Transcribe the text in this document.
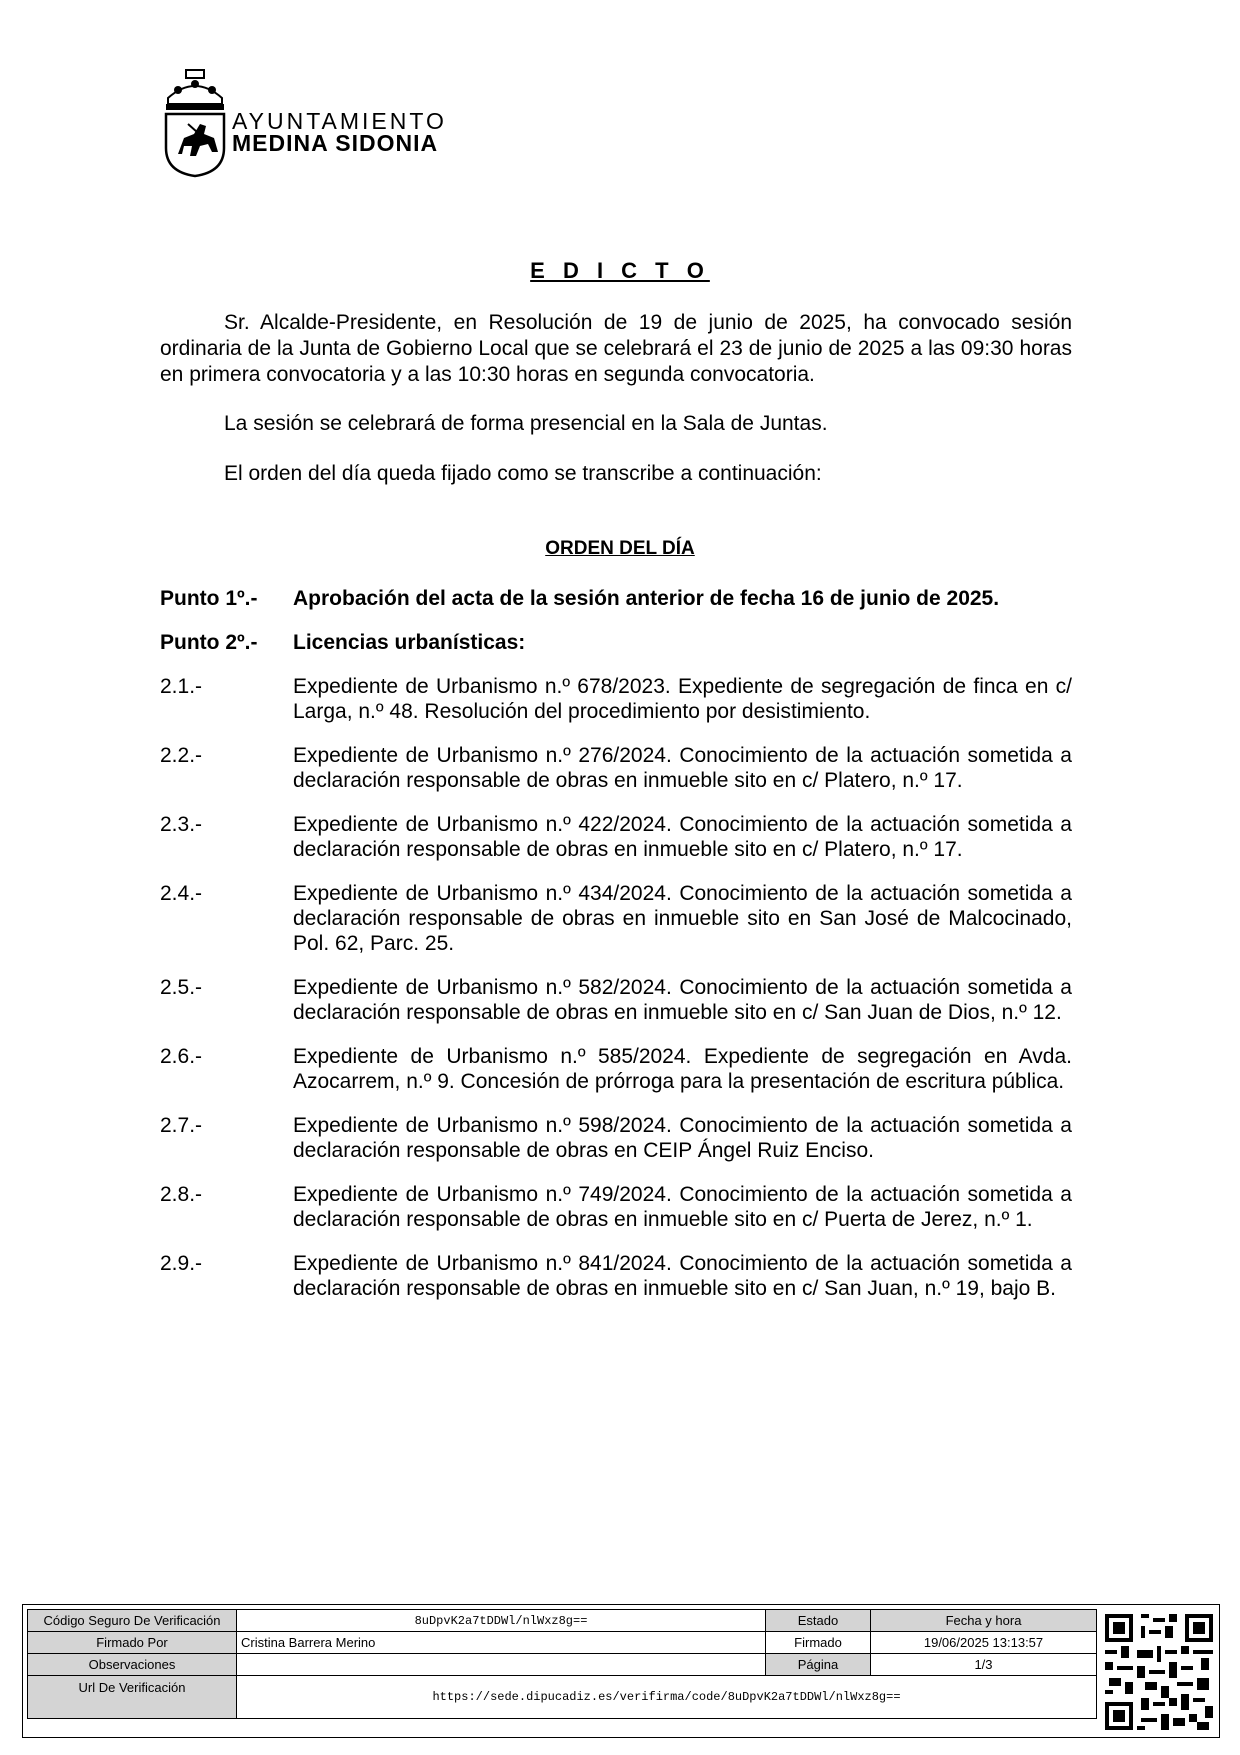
AYUNTAMIENTO
MEDINA SIDONIA
E D I C T O
Sr. Alcalde-Presidente, en Resolución de 19 de junio de 2025, ha convocado sesión ordinaria de la Junta de Gobierno Local que se celebrará el 23 de junio de 2025 a las 09:30 horas en primera convocatoria y a las 10:30 horas en segunda convocatoria.
La sesión se celebrará de forma presencial en la Sala de Juntas.
El orden del día queda fijado como se transcribe a continuación:
ORDEN DEL DÍA
Punto 1º.-	Aprobación del acta de la sesión anterior de fecha 16 de junio de 2025.
Punto 2º.-	Licencias urbanísticas:
2.1.-	Expediente de Urbanismo n.º 678/2023. Expediente de segregación de finca en c/ Larga, n.º 48. Resolución del procedimiento por desistimiento.
2.2.-	Expediente de Urbanismo n.º 276/2024. Conocimiento de la actuación sometida a declaración responsable de obras en inmueble sito en c/ Platero, n.º 17.
2.3.-	Expediente de Urbanismo n.º 422/2024. Conocimiento de la actuación sometida a declaración responsable de obras en inmueble sito en c/ Platero, n.º 17.
2.4.-	Expediente de Urbanismo n.º 434/2024. Conocimiento de la actuación sometida a declaración responsable de obras en inmueble sito en San José de Malcocinado, Pol. 62, Parc. 25.
2.5.-	Expediente de Urbanismo n.º 582/2024. Conocimiento de la actuación sometida a declaración responsable de obras en inmueble sito en c/ San Juan de Dios, n.º 12.
2.6.-	Expediente de Urbanismo n.º 585/2024. Expediente de segregación en Avda. Azocarrem, n.º 9. Concesión de prórroga para la presentación de escritura pública.
2.7.-	Expediente de Urbanismo n.º 598/2024. Conocimiento de la actuación sometida a declaración responsable de obras en CEIP Ángel Ruiz Enciso.
2.8.-	Expediente de Urbanismo n.º 749/2024. Conocimiento de la actuación sometida a declaración responsable de obras en inmueble sito en c/ Puerta de Jerez, n.º 1.
2.9.-	Expediente de Urbanismo n.º 841/2024. Conocimiento de la actuación sometida a declaración responsable de obras en inmueble sito en c/ San Juan, n.º 19, bajo B.
Código Seguro De Verificación	8uDpvK2a7tDDWl/nlWxz8g==	Estado	Fecha y hora
Firmado Por	Cristina Barrera Merino	Firmado	19/06/2025 13:13:57
Observaciones		Página	1/3
Url De Verificación	https://sede.dipucadiz.es/verifirma/code/8uDpvK2a7tDDWl/nlWxz8g==		
